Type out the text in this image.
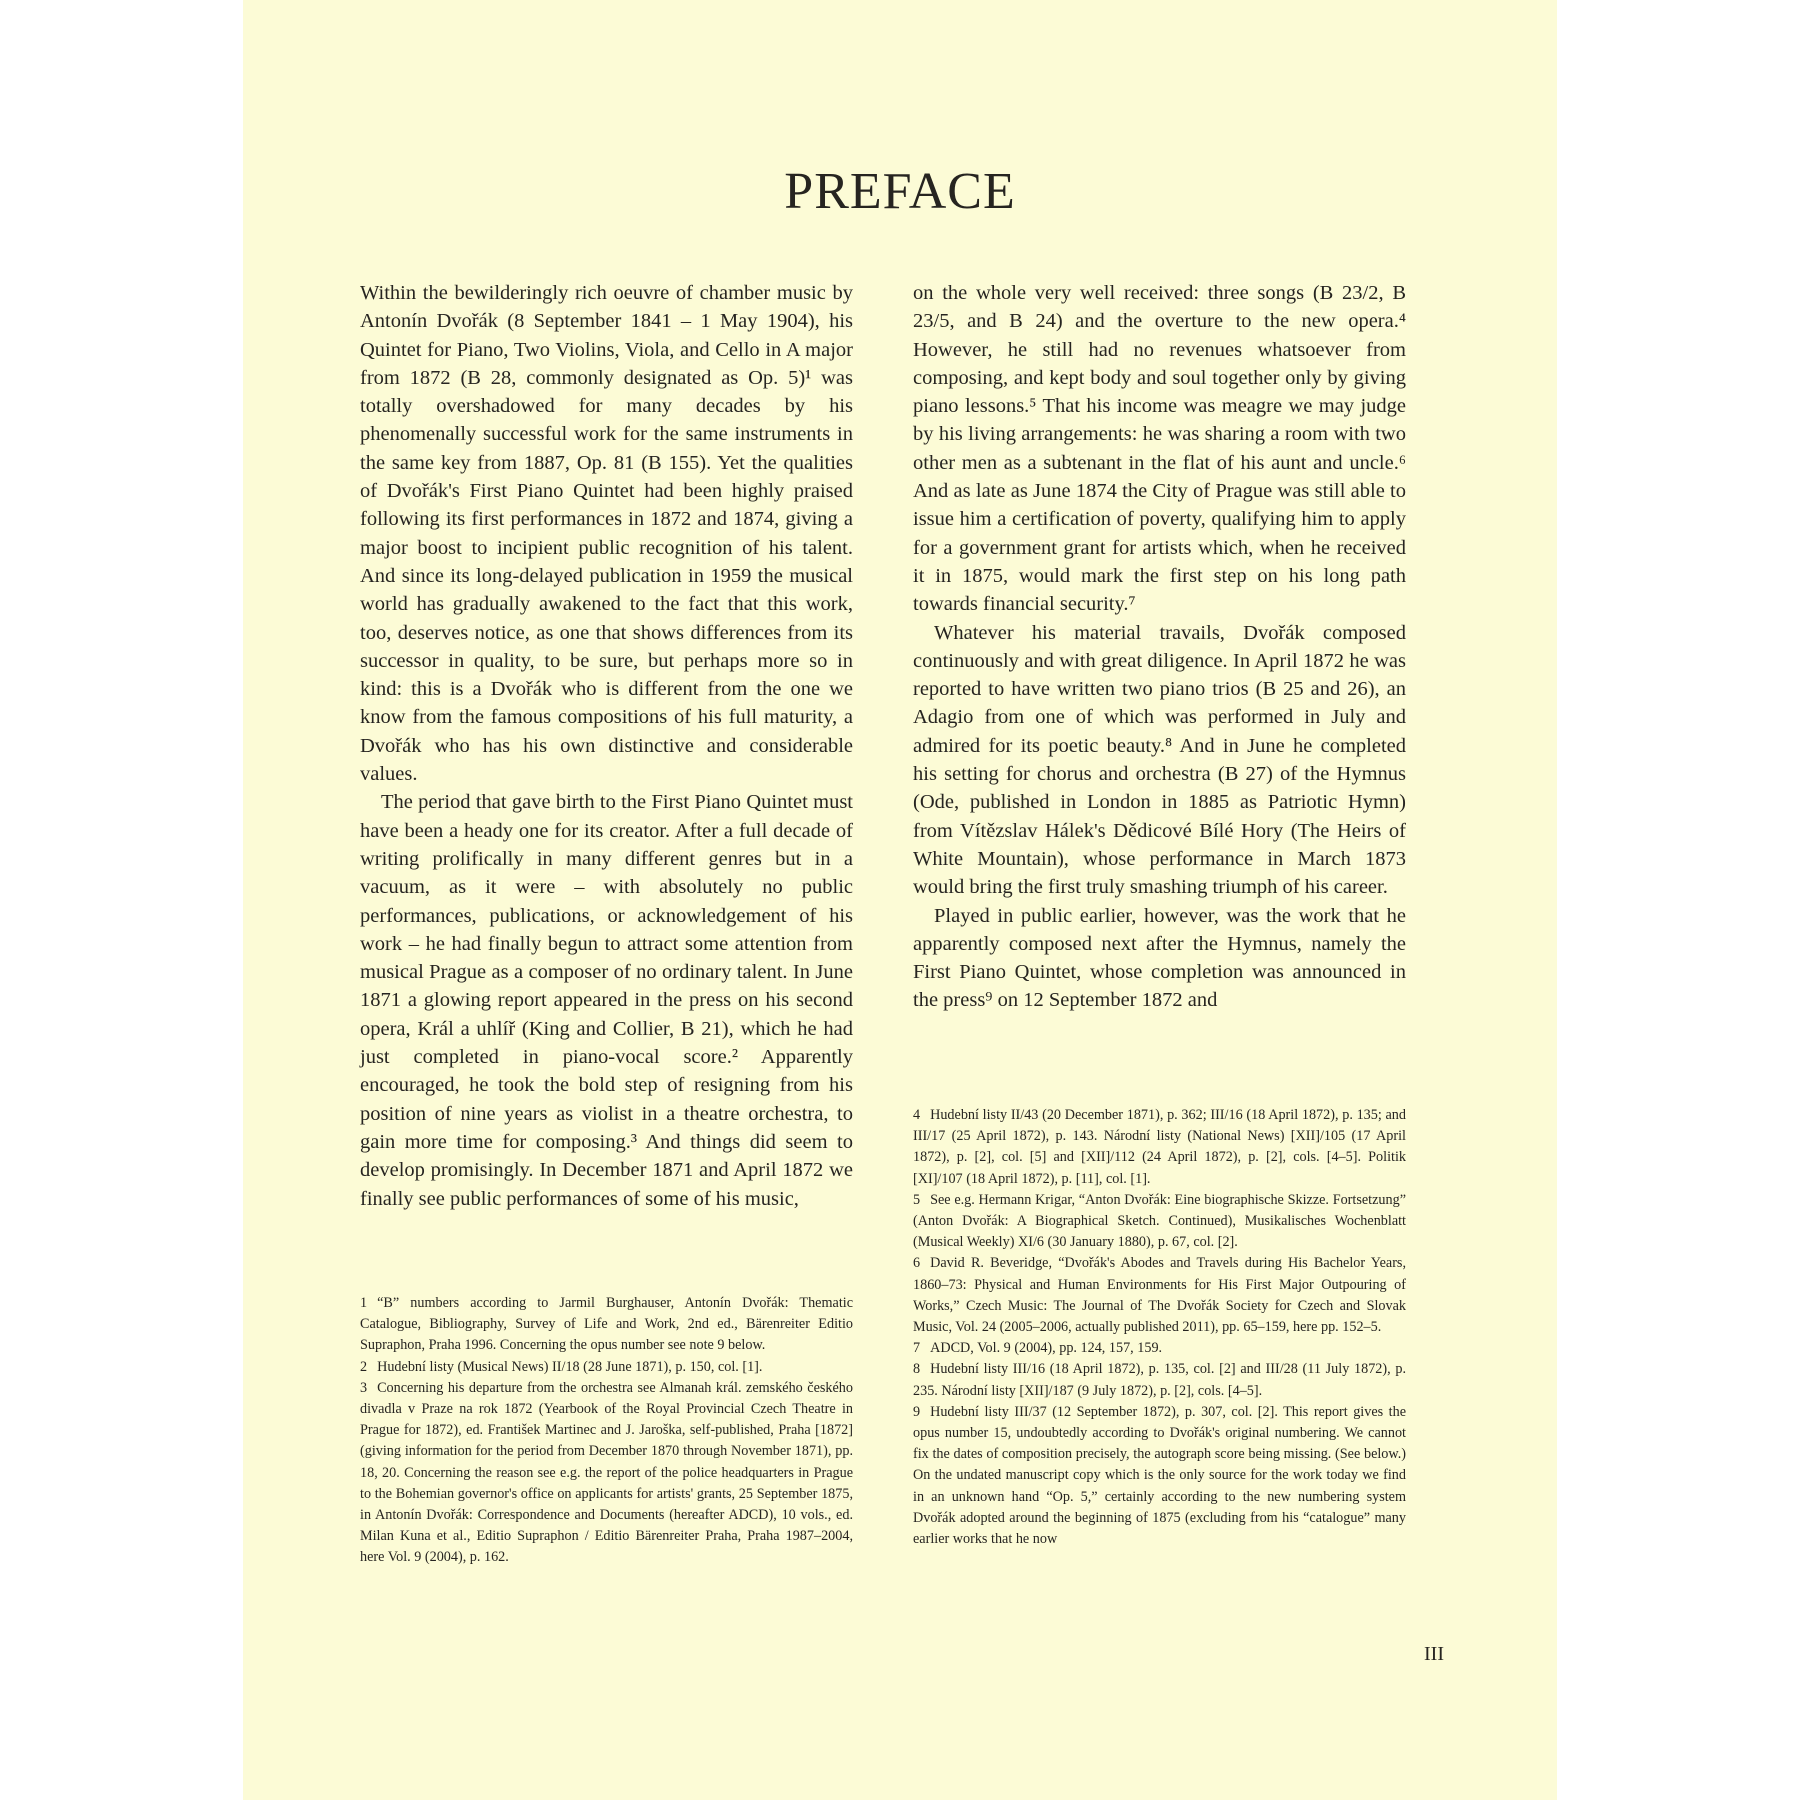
PREFACE

Within the bewilderingly rich oeuvre of chamber music by Antonín Dvořák (8 September 1841 – 1 May 1904), his Quintet for Piano, Two Violins, Viola, and Cello in A major from 1872 (B 28, commonly designated as Op. 5)¹ was totally overshadowed for many decades by his phenomenally successful work for the same instruments in the same key from 1887, Op. 81 (B 155). Yet the qualities of Dvořák's First Piano Quintet had been highly praised following its first performances in 1872 and 1874, giving a major boost to incipient public recognition of his talent. And since its long-delayed publication in 1959 the musical world has gradually awakened to the fact that this work, too, deserves notice, as one that shows differences from its successor in quality, to be sure, but perhaps more so in kind: this is a Dvořák who is different from the one we know from the famous compositions of his full maturity, a Dvořák who has his own distinctive and considerable values.

The period that gave birth to the First Piano Quintet must have been a heady one for its creator. After a full decade of writing prolifically in many different genres but in a vacuum, as it were – with absolutely no public performances, publications, or acknowledgement of his work – he had finally begun to attract some attention from musical Prague as a composer of no ordinary talent. In June 1871 a glowing report appeared in the press on his second opera, Král a uhlíř (King and Collier, B 21), which he had just completed in piano-vocal score.² Apparently encouraged, he took the bold step of resigning from his position of nine years as violist in a theatre orchestra, to gain more time for composing.³ And things did seem to develop promisingly. In December 1871 and April 1872 we finally see public performances of some of his music,

on the whole very well received: three songs (B 23/2, B 23/5, and B 24) and the overture to the new opera.⁴ However, he still had no revenues whatsoever from composing, and kept body and soul together only by giving piano lessons.⁵ That his income was meagre we may judge by his living arrangements: he was sharing a room with two other men as a subtenant in the flat of his aunt and uncle.⁶ And as late as June 1874 the City of Prague was still able to issue him a certification of poverty, qualifying him to apply for a government grant for artists which, when he received it in 1875, would mark the first step on his long path towards financial security.⁷

Whatever his material travails, Dvořák composed continuously and with great diligence. In April 1872 he was reported to have written two piano trios (B 25 and 26), an Adagio from one of which was performed in July and admired for its poetic beauty.⁸ And in June he completed his setting for chorus and orchestra (B 27) of the Hymnus (Ode, published in London in 1885 as Patriotic Hymn) from Vítězslav Hálek's Dědicové Bílé Hory (The Heirs of White Mountain), whose performance in March 1873 would bring the first truly smashing triumph of his career.

Played in public earlier, however, was the work that he apparently composed next after the Hymnus, namely the First Piano Quintet, whose completion was announced in the press⁹ on 12 September 1872 and

1 “B” numbers according to Jarmil Burghauser, Antonín Dvořák: Thematic Catalogue, Bibliography, Survey of Life and Work, 2nd ed., Bärenreiter Editio Supraphon, Praha 1996. Concerning the opus number see note 9 below.

2 Hudební listy (Musical News) II/18 (28 June 1871), p. 150, col. [1].

3 Concerning his departure from the orchestra see Almanah král. zemského českého divadla v Praze na rok 1872 (Yearbook of the Royal Provincial Czech Theatre in Prague for 1872), ed. František Martinec and J. Jaroška, self-published, Praha [1872] (giving information for the period from December 1870 through November 1871), pp. 18, 20. Concerning the reason see e.g. the report of the police headquarters in Prague to the Bohemian governor's office on applicants for artists' grants, 25 September 1875, in Antonín Dvořák: Correspondence and Documents (hereafter ADCD), 10 vols., ed. Milan Kuna et al., Editio Supraphon / Editio Bärenreiter Praha, Praha 1987–2004, here Vol. 9 (2004), p. 162.

4 Hudební listy II/43 (20 December 1871), p. 362; III/16 (18 April 1872), p. 135; and III/17 (25 April 1872), p. 143. Národní listy (National News) [XII]/105 (17 April 1872), p. [2], col. [5] and [XII]/112 (24 April 1872), p. [2], cols. [4–5]. Politik [XI]/107 (18 April 1872), p. [11], col. [1].

5 See e.g. Hermann Krigar, “Anton Dvořák: Eine biographische Skizze. Fortsetzung” (Anton Dvořák: A Biographical Sketch. Continued), Musikalisches Wochenblatt (Musical Weekly) XI/6 (30 January 1880), p. 67, col. [2].

6 David R. Beveridge, “Dvořák's Abodes and Travels during His Bachelor Years, 1860–73: Physical and Human Environments for His First Major Outpouring of Works,” Czech Music: The Journal of The Dvořák Society for Czech and Slovak Music, Vol. 24 (2005–2006, actually published 2011), pp. 65–159, here pp. 152–5.

7 ADCD, Vol. 9 (2004), pp. 124, 157, 159.

8 Hudební listy III/16 (18 April 1872), p. 135, col. [2] and III/28 (11 July 1872), p. 235. Národní listy [XII]/187 (9 July 1872), p. [2], cols. [4–5].

9 Hudební listy III/37 (12 September 1872), p. 307, col. [2]. This report gives the opus number 15, undoubtedly according to Dvořák's original numbering. We cannot fix the dates of composition precisely, the autograph score being missing. (See below.) On the undated manuscript copy which is the only source for the work today we find in an unknown hand “Op. 5,” certainly according to the new numbering system Dvořák adopted around the beginning of 1875 (excluding from his “catalogue” many earlier works that he now

III
